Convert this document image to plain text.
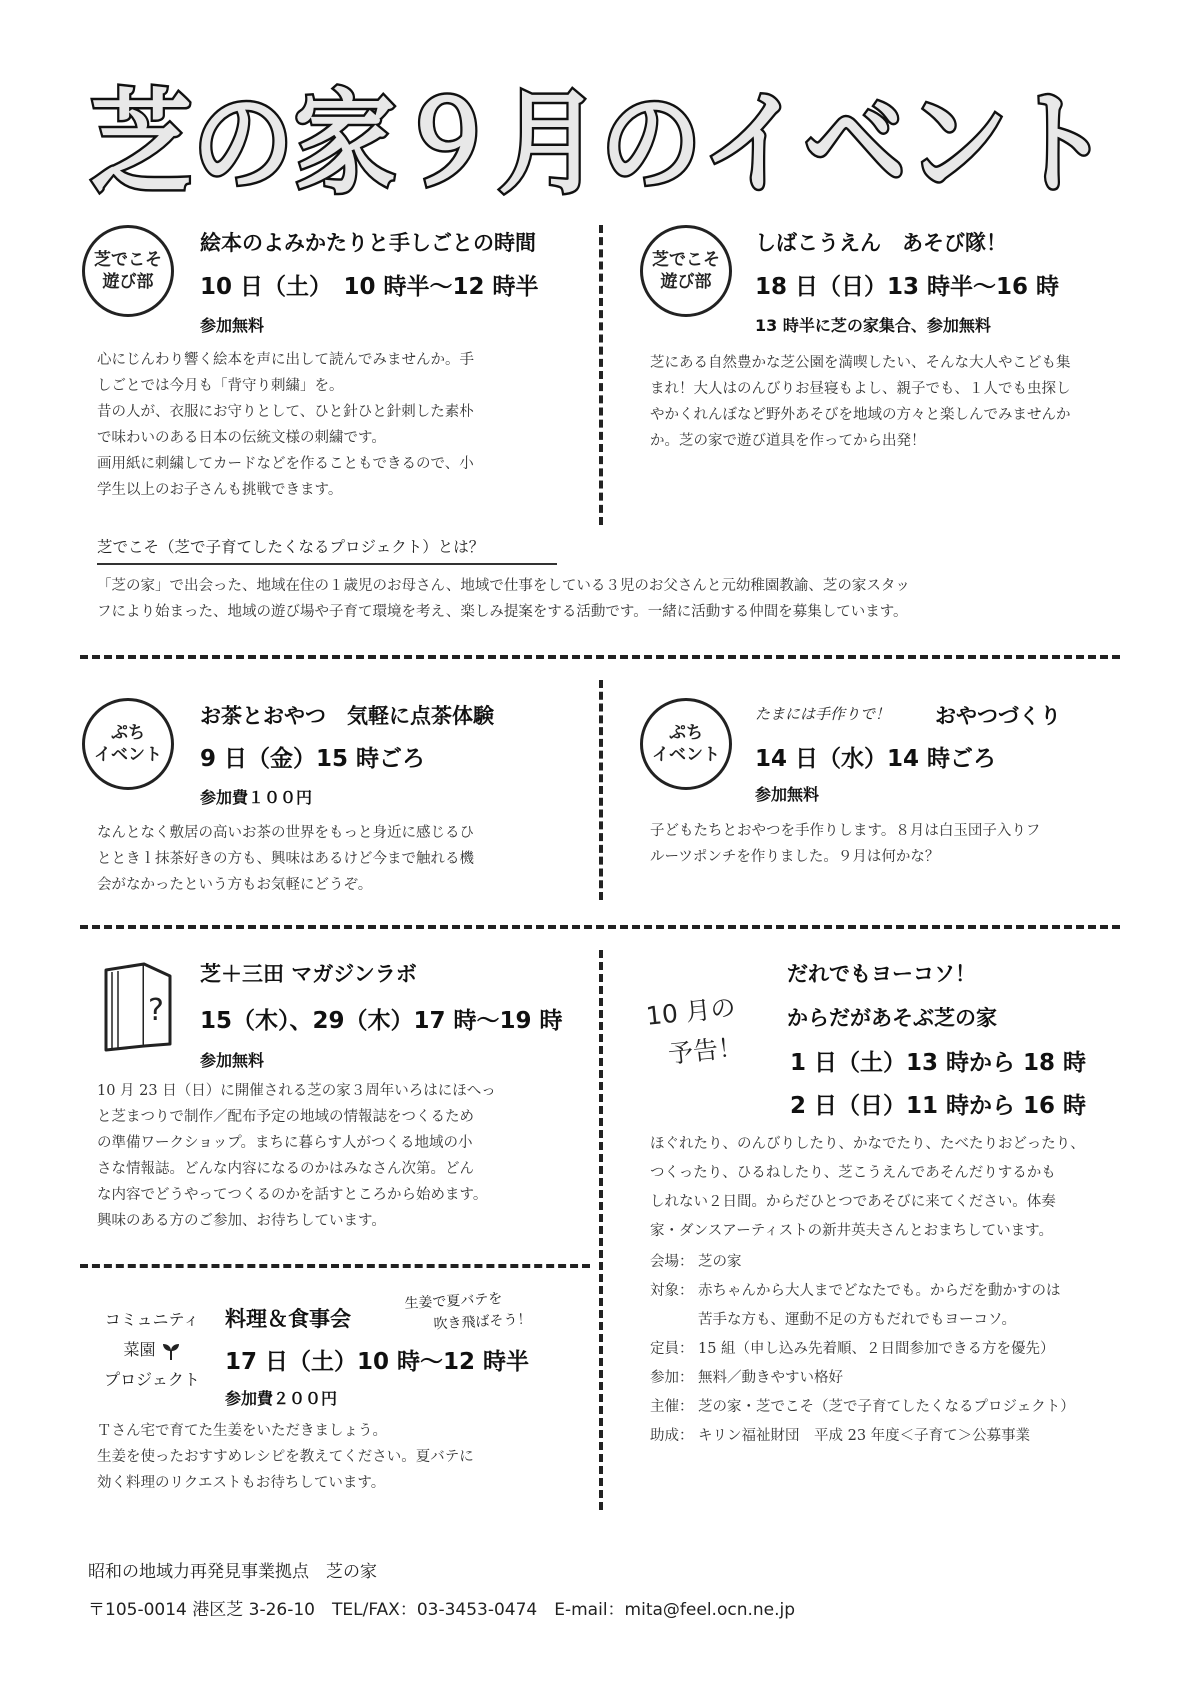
芝の家９月のイベント
芝でこそ
遊び部
絵本のよみかたりと手しごとの時間
10 日（土）　10 時半〜12 時半
参加無料
心にじんわり響く絵本を声に出して読んでみませんか。手
しごとでは今月も「背守り刺繍」を。
昔の人が、衣服にお守りとして、ひと針ひと針刺した素朴
で味わいのある日本の伝統文様の刺繍です。
画用紙に刺繍してカードなどを作ることもできるので、小
学生以上のお子さんも挑戦できます。
芝でこそ
遊び部
しばこうえん　あそび隊！
18 日（日）13 時半〜16 時
13 時半に芝の家集合、参加無料
芝にある自然豊かな芝公園を満喫したい、そんな大人やこども集
まれ！大人はのんびりお昼寝もよし、親子でも、１人でも虫探し
やかくれんぼなど野外あそびを地域の方々と楽しんでみませんか
か。芝の家で遊び道具を作ってから出発！
芝でこそ（芝で子育てしたくなるプロジェクト）とは？
「芝の家」で出会った、地域在住の１歳児のお母さん、地域で仕事をしている３児のお父さんと元幼稚園教諭、芝の家スタッ
フにより始まった、地域の遊び場や子育て環境を考え、楽しみ提案をする活動です。一緒に活動する仲間を募集しています。
ぷち
イベント
お茶とおやつ　気軽に点茶体験
9 日（金）15 時ごろ
参加費１００円
なんとなく敷居の高いお茶の世界をもっと身近に感じるひ
とときｌ抹茶好きの方も、興味はあるけど今まで触れる機
会がなかったという方もお気軽にどうぞ。
ぷち
イベント
たまには手作りで！ おやつづくり
14 日（水）14 時ごろ
参加無料
子どもたちとおやつを手作りします。８月は白玉団子入りフ
ルーツポンチを作りました。９月は何かな？
?
芝＋三田 マガジンラボ
15（木）、29（木）17 時〜19 時
参加無料
10 月 23 日（日）に開催される芝の家３周年いろはにほへっ
と芝まつりで制作／配布予定の地域の情報誌をつくるため
の準備ワークショップ。まちに暮らす人がつくる地域の小
さな情報誌。どんな内容になるのかはみなさん次第。どん
な内容でどうやってつくるのかを話すところから始めます。
興味のある方のご参加、お待ちしています。
コミュニティ
菜園
プロジェクト
料理＆食事会
生姜で夏バテを
吹き飛ばそう！
17 日（土）10 時〜12 時半
参加費２００円
Ｔさん宅で育てた生姜をいただきましょう。
生姜を使ったおすすめレシピを教えてください。夏バテに
効く料理のリクエストもお待ちしています。
10 月の
予告！
だれでもヨーコソ！
からだがあそぶ芝の家
1 日（土）13 時から 18 時
2 日（日）11 時から 16 時
ほぐれたり、のんびりしたり、かなでたり、たべたりおどったり、
つくったり、ひるねしたり、芝こうえんであそんだりするかも
しれない２日間。からだひとつであそびに来てください。体奏
家・ダンスアーティストの新井英夫さんとおまちしています。
会場： 芝の家
対象： 赤ちゃんから大人までどなたでも。からだを動かすのは
苦手な方も、運動不足の方もだれでもヨーコソ。
定員： 15 組（申し込み先着順、２日間参加できる方を優先）
参加： 無料／動きやすい格好
主催： 芝の家・芝でこそ（芝で子育てしたくなるプロジェクト）
助成： キリン福祉財団　平成 23 年度＜子育て＞公募事業
昭和の地域力再発見事業拠点　芝の家
〒105-0014 港区芝 3-26-10　TEL/FAX：03-3453-0474　E-mail：mita@feel.ocn.ne.jp
